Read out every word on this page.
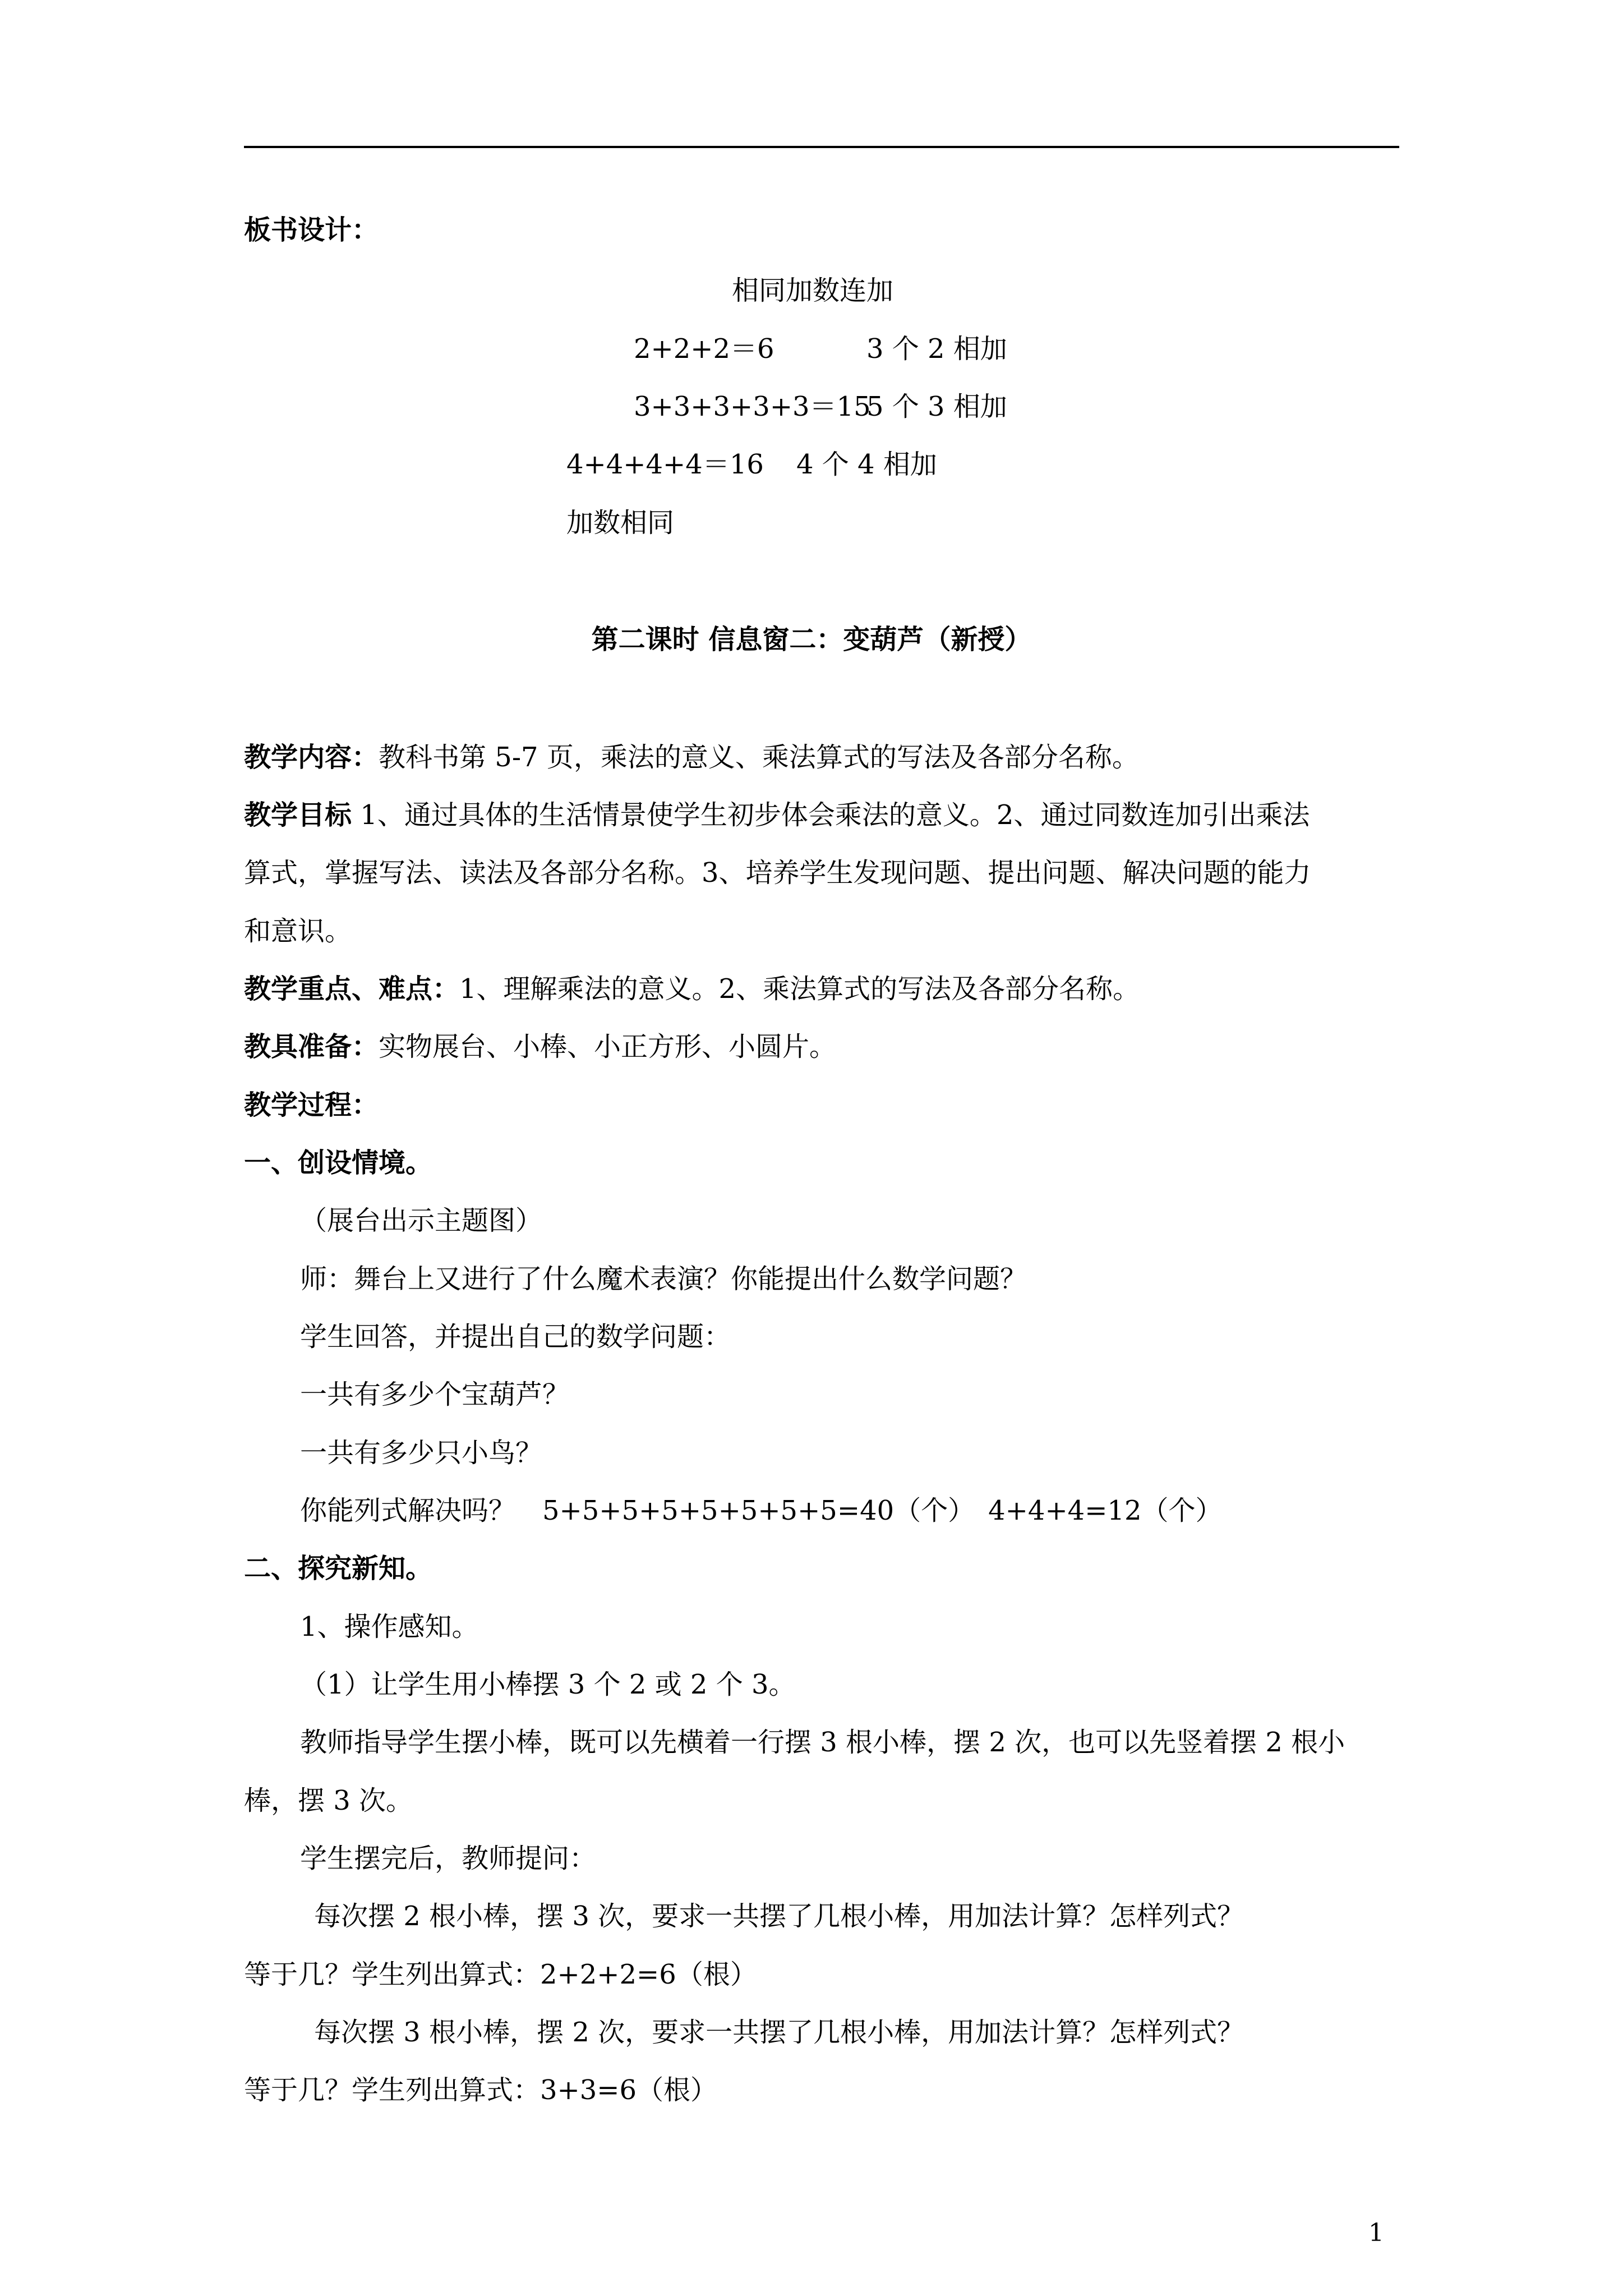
板书设计：
相同加数连加
2+2+2＝6	3 个 2 相加
3+3+3+3+3＝15
5 个 3 相加
4+4+4+4＝16 4 个 4 相加
加数相同
第二课时 信息窗二：变葫芦（新授）
教学内容：教科书第 5-7 页，乘法的意义、乘法算式的写法及各部分名称。
教学目标 1、通过具体的生活情景使学生初步体会乘法的意义。2、通过同数连加引出乘法
算式，掌握写法、读法及各部分名称。3、培养学生发现问题、提出问题、解决问题的能力
和意识。
教学重点、难点：1、理解乘法的意义。2、乘法算式的写法及各部分名称。
教具准备：实物展台、小棒、小正方形、小圆片。
教学过程：
一、创设情境。
（展台出示主题图）
师：舞台上又进行了什么魔术表演？你能提出什么数学问题？
学生回答，并提出自己的数学问题：
一共有多少个宝葫芦？
一共有多少只小鸟？
你能列式解决吗？　5+5+5+5+5+5+5+5=40（个）　4+4+4=12（个）
二、探究新知。
1、操作感知。
（1）让学生用小棒摆 3 个 2 或 2 个 3。
教师指导学生摆小棒，既可以先横着一行摆 3 根小棒，摆 2 次，也可以先竖着摆 2 根小
棒，摆 3 次。
学生摆完后，教师提问：
每次摆 2 根小棒，摆 3 次，要求一共摆了几根小棒，用加法计算？怎样列式？
等于几？学生列出算式：2+2+2=6（根）
每次摆 3 根小棒，摆 2 次，要求一共摆了几根小棒，用加法计算？怎样列式？
等于几？学生列出算式：3+3=6（根）
1
